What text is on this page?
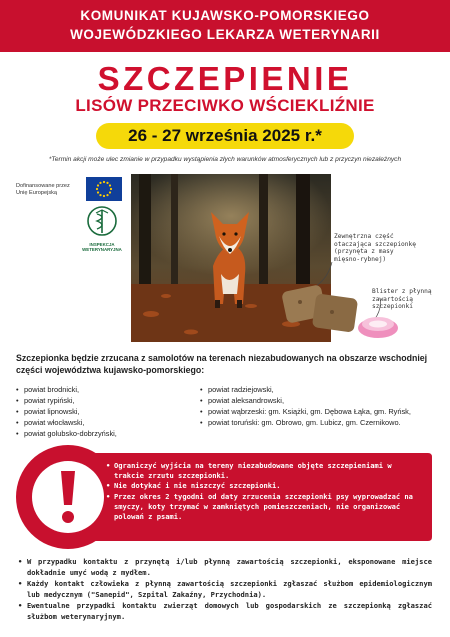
KOMUNIKAT KUJAWSKO-POMORSKIEGO
WOJEWÓDZKIEGO LEKARZA WETERYNARII
SZCZEPIENIE
LISÓW PRZECIWKO WŚCIEKLIŹNIE
26 - 27 września 2025 r.*
*Termin akcji może ulec zmianie w przypadku wystąpienia złych warunków atmosferycznych lub z przyczyn niezależnych
Dofinansowane przez
Unię Europejską
INSPEKCJA
WETERYNARYJNA
Zewnętrzna część
otaczająca szczepionkę
(przynęta z masy
mięsno-rybnej)
Blister z płynną
zawartością
szczepionki
Szczepionka będzie zrzucana z samolotów na terenach niezabudowanych na obszarze wschodniej części województwa kujawsko-pomorskiego:
• powiat brodnicki,
• powiat rypiński,
• powiat lipnowski,
• powiat włocławski,
• powiat golubsko-dobrzyński,
• powiat radziejowski,
• powiat aleksandrowski,
• powiat wąbrzeski: gm. Książki, gm. Dębowa Łąka, gm. Ryńsk,
• powiat toruński: gm. Obrowo, gm. Lubicz, gm. Czernikowo.
• Ograniczyć wyjścia na tereny niezabudowane objęte szczepieniami w trakcie zrzutu szczepionki.
• Nie dotykać i nie niszczyć szczepionki.
• Przez okres 2 tygodni od daty zrzucenia szczepionki psy wyprowadzać na smyczy, koty trzymać w zamkniętych pomieszczeniach, nie organizować polowań z psami.
• W przypadku kontaktu z przynętą i/lub płynną zawartością szczepionki, eksponowane miejsce dokładnie umyć wodą z mydłem.
• Każdy kontakt człowieka z płynną zawartością szczepionki zgłaszać służbom epidemiologicznym lub medycznym ("Sanepid", Szpital Zakaźny, Przychodnia).
• Ewentualne przypadki kontaktu zwierząt domowych lub gospodarskich ze szczepionką zgłaszać służbom weterynaryjnym.
